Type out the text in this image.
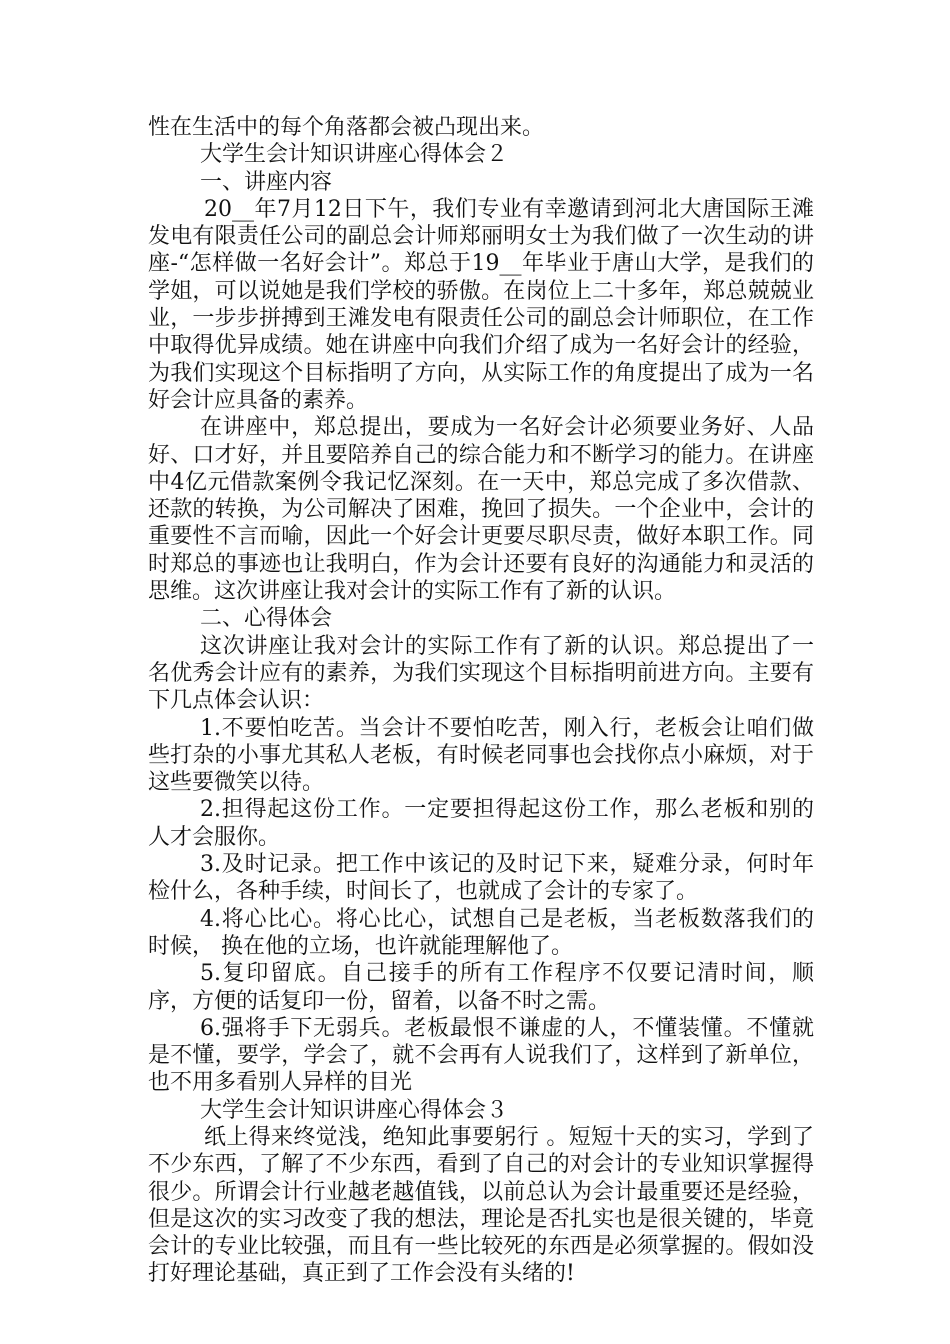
性在生活中的每个角落都会被凸现出来。

大学生会计知识讲座心得体会２

一、讲座内容

20__年7月12日下午，我们专业有幸邀请到河北大唐国际王滩发电有限责任公司的副总会计师郑丽明女士为我们做了一次生动的讲座-“怎样做一名好会计”。郑总于19__年毕业于唐山大学，是我们的学姐，可以说她是我们学校的骄傲。在岗位上二十多年，郑总兢兢业业，一步步拼搏到王滩发电有限责任公司的副总会计师职位，在工作中取得优异成绩。她在讲座中向我们介绍了成为一名好会计的经验，为我们实现这个目标指明了方向，从实际工作的角度提出了成为一名好会计应具备的素养。

在讲座中，郑总提出，要成为一名好会计必须要业务好、人品好、口才好，并且要陪养自己的综合能力和不断学习的能力。在讲座中4亿元借款案例令我记忆深刻。在一天中，郑总完成了多次借款、还款的转换，为公司解决了困难，挽回了损失。一个企业中，会计的重要性不言而喻，因此一个好会计更要尽职尽责，做好本职工作。同时郑总的事迹也让我明白，作为会计还要有良好的沟通能力和灵活的思维。这次讲座让我对会计的实际工作有了新的认识。

二、心得体会

这次讲座让我对会计的实际工作有了新的认识。郑总提出了一名优秀会计应有的素养，为我们实现这个目标指明前进方向。主要有下几点体会认识：

1.不要怕吃苦。当会计不要怕吃苦，刚入行，老板会让咱们做些打杂的小事尤其私人老板，有时候老同事也会找你点小麻烦，对于这些要微笑以待。

2.担得起这份工作。一定要担得起这份工作，那么老板和别的人才会服你。

3.及时记录。把工作中该记的及时记下来，疑难分录，何时年检什么，各种手续，时间长了，也就成了会计的专家了。

4.将心比心。将心比心，试想自己是老板，当老板数落我们的时候， 换在他的立场，也许就能理解他了。

5.复印留底。自己接手的所有工作程序不仅要记清时间，顺序，方便的话复印一份，留着，以备不时之需。

6.强将手下无弱兵。老板最恨不谦虚的人，不懂装懂。不懂就是不懂，要学，学会了，就不会再有人说我们了，这样到了新单位，也不用多看别人异样的目光

大学生会计知识讲座心得体会３

纸上得来终觉浅，绝知此事要躬行 。短短十天的实习，学到了不少东西，了解了不少东西，看到了自己的对会计的专业知识掌握得很少。所谓会计行业越老越值钱，以前总认为会计最重要还是经验，但是这次的实习改变了我的想法，理论是否扎实也是很关键的，毕竟会计的专业比较强，而且有一些比较死的东西是必须掌握的。假如没打好理论基础，真正到了工作会没有头绪的!
